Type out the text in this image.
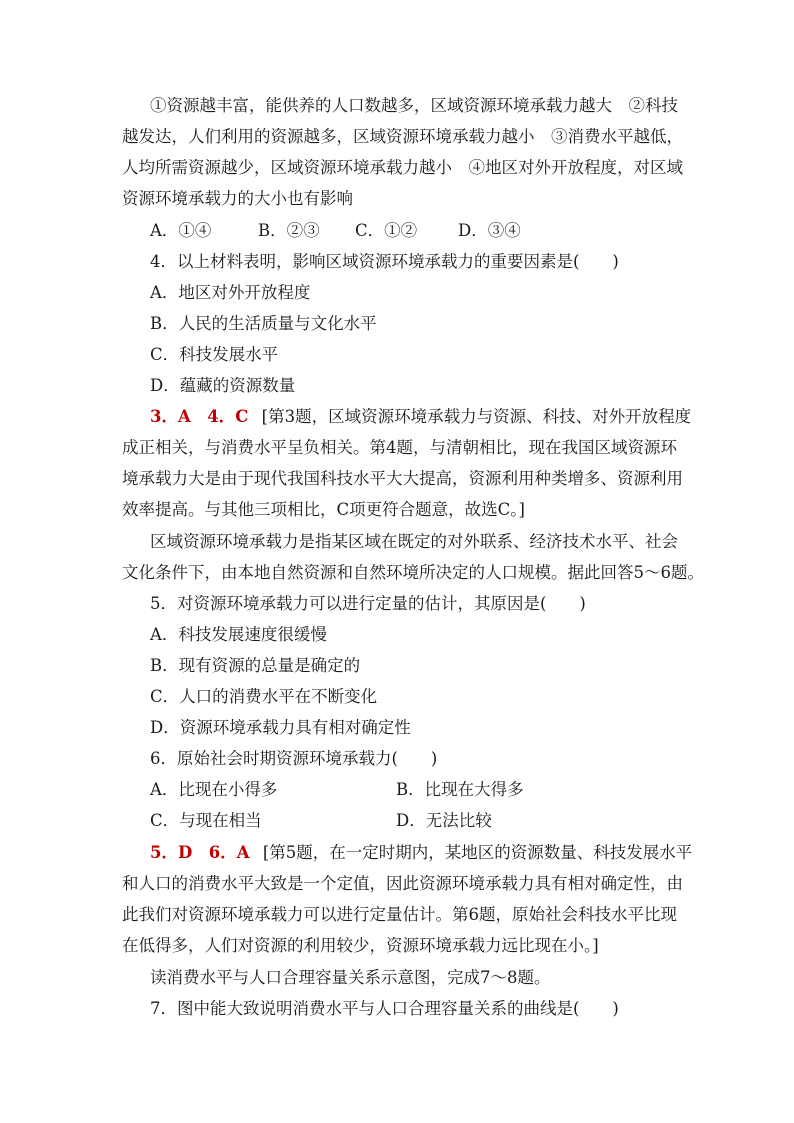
①资源越丰富，能供养的人口数越多，区域资源环境承载力越大　②科技
越发达，人们利用的资源越多，区域资源环境承载力越小　③消费水平越低，
人均所需资源越少，区域资源环境承载力越小　④地区对外开放程度，对区域
资源环境承载力的大小也有影响
A．①④	B．②③ C．①② D．③④
4．以上材料表明，影响区域资源环境承载力的重要因素是(　　)
A．地区对外开放程度
B．人民的生活质量与文化水平
C．科技发展水平
D．蕴藏的资源数量
3．A　4．C [第3题，区域资源环境承载力与资源、科技、对外开放程度
成正相关，与消费水平呈负相关。第4题，与清朝相比，现在我国区域资源环
境承载力大是由于现代我国科技水平大大提高，资源利用种类增多、资源利用
效率提高。与其他三项相比，C项更符合题意，故选C。]
区域资源环境承载力是指某区域在既定的对外联系、经济技术水平、社会
文化条件下，由本地自然资源和自然环境所决定的人口规模。据此回答5～6题。
5．对资源环境承载力可以进行定量的估计，其原因是(　　)
A．科技发展速度很缓慢
B．现有资源的总量是确定的
C．人口的消费水平在不断变化
D．资源环境承载力具有相对确定性
6．原始社会时期资源环境承载力(　　)
A．比现在小得多	B．比现在大得多
C．与现在相当	D．无法比较
5．D　6．A [第5题，在一定时期内，某地区的资源数量、科技发展水平
和人口的消费水平大致是一个定值，因此资源环境承载力具有相对确定性，由
此我们对资源环境承载力可以进行定量估计。第6题，原始社会科技水平比现
在低得多，人们对资源的利用较少，资源环境承载力远比现在小。]
读消费水平与人口合理容量关系示意图，完成7～8题。
7．图中能大致说明消费水平与人口合理容量关系的曲线是(　　)
